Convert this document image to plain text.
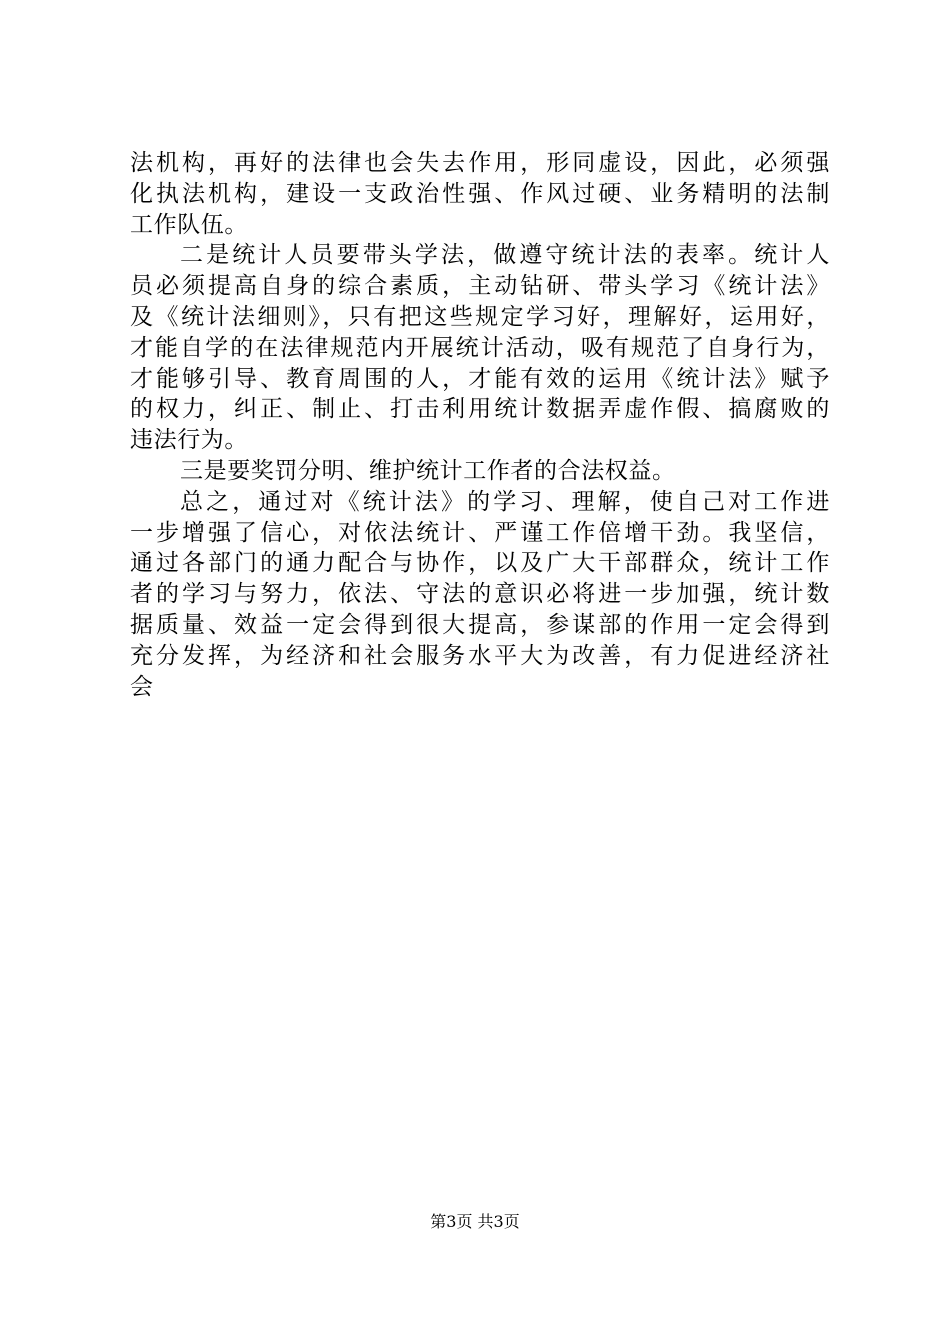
法机构，再好的法律也会失去作用，形同虚设，因此，必须强
化执法机构，建设一支政治性强、作风过硬、业务精明的法制
工作队伍。
二是统计人员要带头学法，做遵守统计法的表率。统计人
员必须提高自身的综合素质，主动钻研、带头学习《统计法》
及《统计法细则》，只有把这些规定学习好，理解好，运用好，
才能自学的在法律规范内开展统计活动，吸有规范了自身行为，
才能够引导、教育周围的人，才能有效的运用《统计法》赋予
的权力，纠正、制止、打击利用统计数据弄虚作假、搞腐败的
违法行为。
三是要奖罚分明、维护统计工作者的合法权益。
总之，通过对《统计法》的学习、理解，使自己对工作进
一步增强了信心，对依法统计、严谨工作倍增干劲。我坚信，
通过各部门的通力配合与协作，以及广大干部群众，统计工作
者的学习与努力，依法、守法的意识必将进一步加强，统计数
据质量、效益一定会得到很大提高，参谋部的作用一定会得到
充分发挥，为经济和社会服务水平大为改善，有力促进经济社
会
第3页 共3页
